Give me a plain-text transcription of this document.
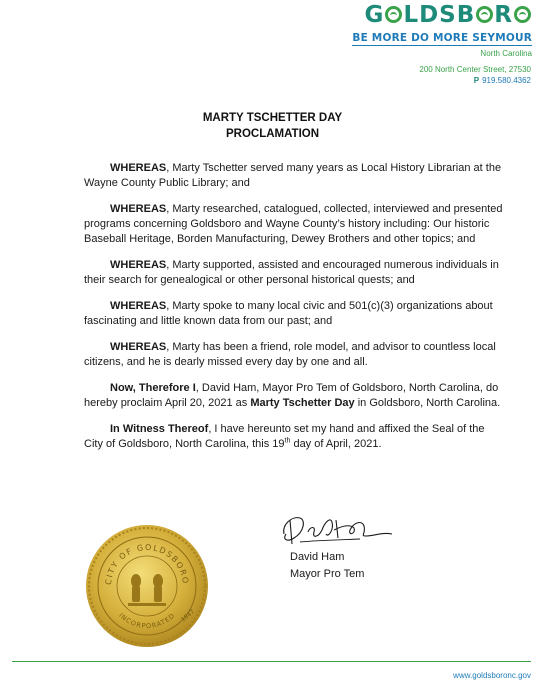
G LDSB R
BE MORE DO MORE SEYMOUR
North Carolina
200 North Center Street, 27530
P 919.580.4362
MARTY TSCHETTER DAY
PROCLAMATION

WHEREAS, Marty Tschetter served many years as Local History Librarian at the Wayne County Public Library; and

WHEREAS, Marty researched, catalogued, collected, interviewed and presented programs concerning Goldsboro and Wayne County’s history including: Our historic Baseball Heritage, Borden Manufacturing, Dewey Brothers and other topics; and

WHEREAS, Marty supported, assisted and encouraged numerous individuals in their search for genealogical or other personal historical quests; and

WHEREAS, Marty spoke to many local civic and 501(c)(3) organizations about fascinating and little known data from our past; and

WHEREAS, Marty has been a friend, role model, and advisor to countless local citizens, and he is dearly missed every day by one and all.

Now, Therefore I, David Ham, Mayor Pro Tem of Goldsboro, North Carolina, do hereby proclaim April 20, 2021 as Marty Tschetter Day in Goldsboro, North Carolina.

In Witness Thereof, I have hereunto set my hand and affixed the Seal of the City of Goldsboro, North Carolina, this 19th day of April, 2021.

David Ham
Mayor Pro Tem
CITY OF GOLDSBORO
INCORPORATED 1847
www.goldsboronc.gov
